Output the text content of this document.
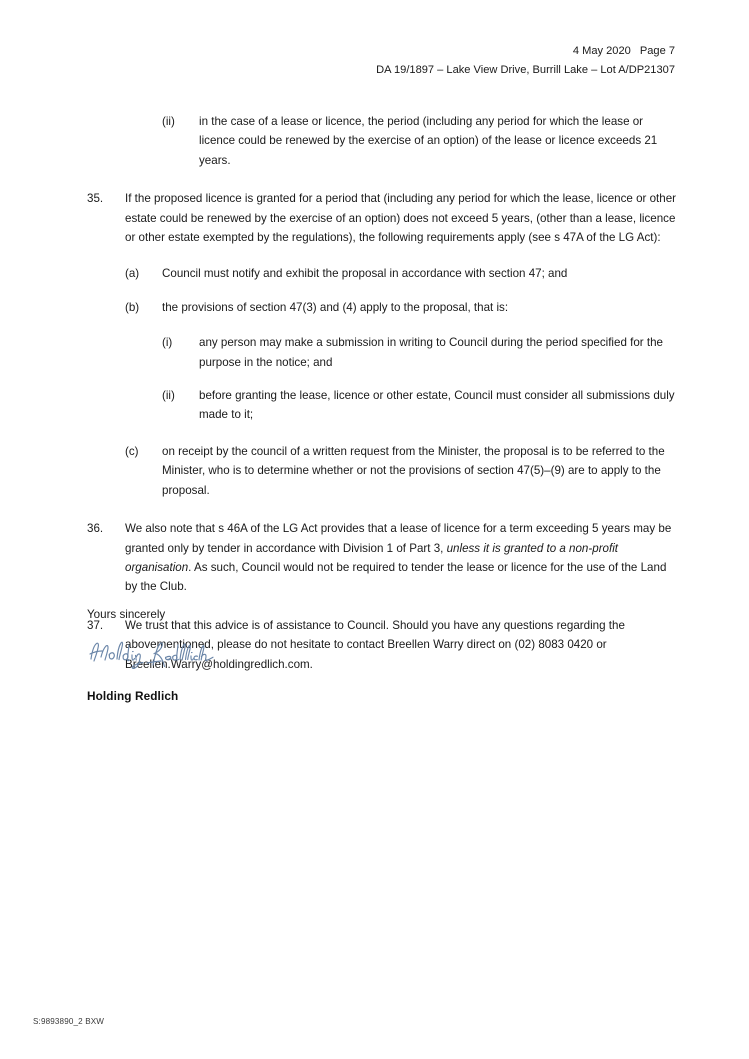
4 May 2020 Page 7
DA 19/1897 – Lake View Drive, Burrill Lake – Lot A/DP21307
(ii)	in the case of a lease or licence, the period (including any period for which the lease or licence could be renewed by the exercise of an option) of the lease or licence exceeds 21 years.
35.	If the proposed licence is granted for a period that (including any period for which the lease, licence or other estate could be renewed by the exercise of an option) does not exceed 5 years, (other than a lease, licence or other estate exempted by the regulations), the following requirements apply (see s 47A of the LG Act):
(a)	Council must notify and exhibit the proposal in accordance with section 47; and
(b)	the provisions of section 47(3) and (4) apply to the proposal, that is:
(i)	any person may make a submission in writing to Council during the period specified for the purpose in the notice; and
(ii)	before granting the lease, licence or other estate, Council must consider all submissions duly made to it;
(c)	on receipt by the council of a written request from the Minister, the proposal is to be referred to the Minister, who is to determine whether or not the provisions of section 47(5)–(9) are to apply to the proposal.
36.	We also note that s 46A of the LG Act provides that a lease of licence for a term exceeding 5 years may be granted only by tender in accordance with Division 1 of Part 3, unless it is granted to a non-profit organisation. As such, Council would not be required to tender the lease or licence for the use of the Land by the Club.
37.	We trust that this advice is of assistance to Council. Should you have any questions regarding the abovementioned, please do not hesitate to contact Breellen Warry direct on (02) 8083 0420 or Breellen.Warry@holdingredlich.com.
Yours sincerely
Holding Redlich
S:9893890_2 BXW
